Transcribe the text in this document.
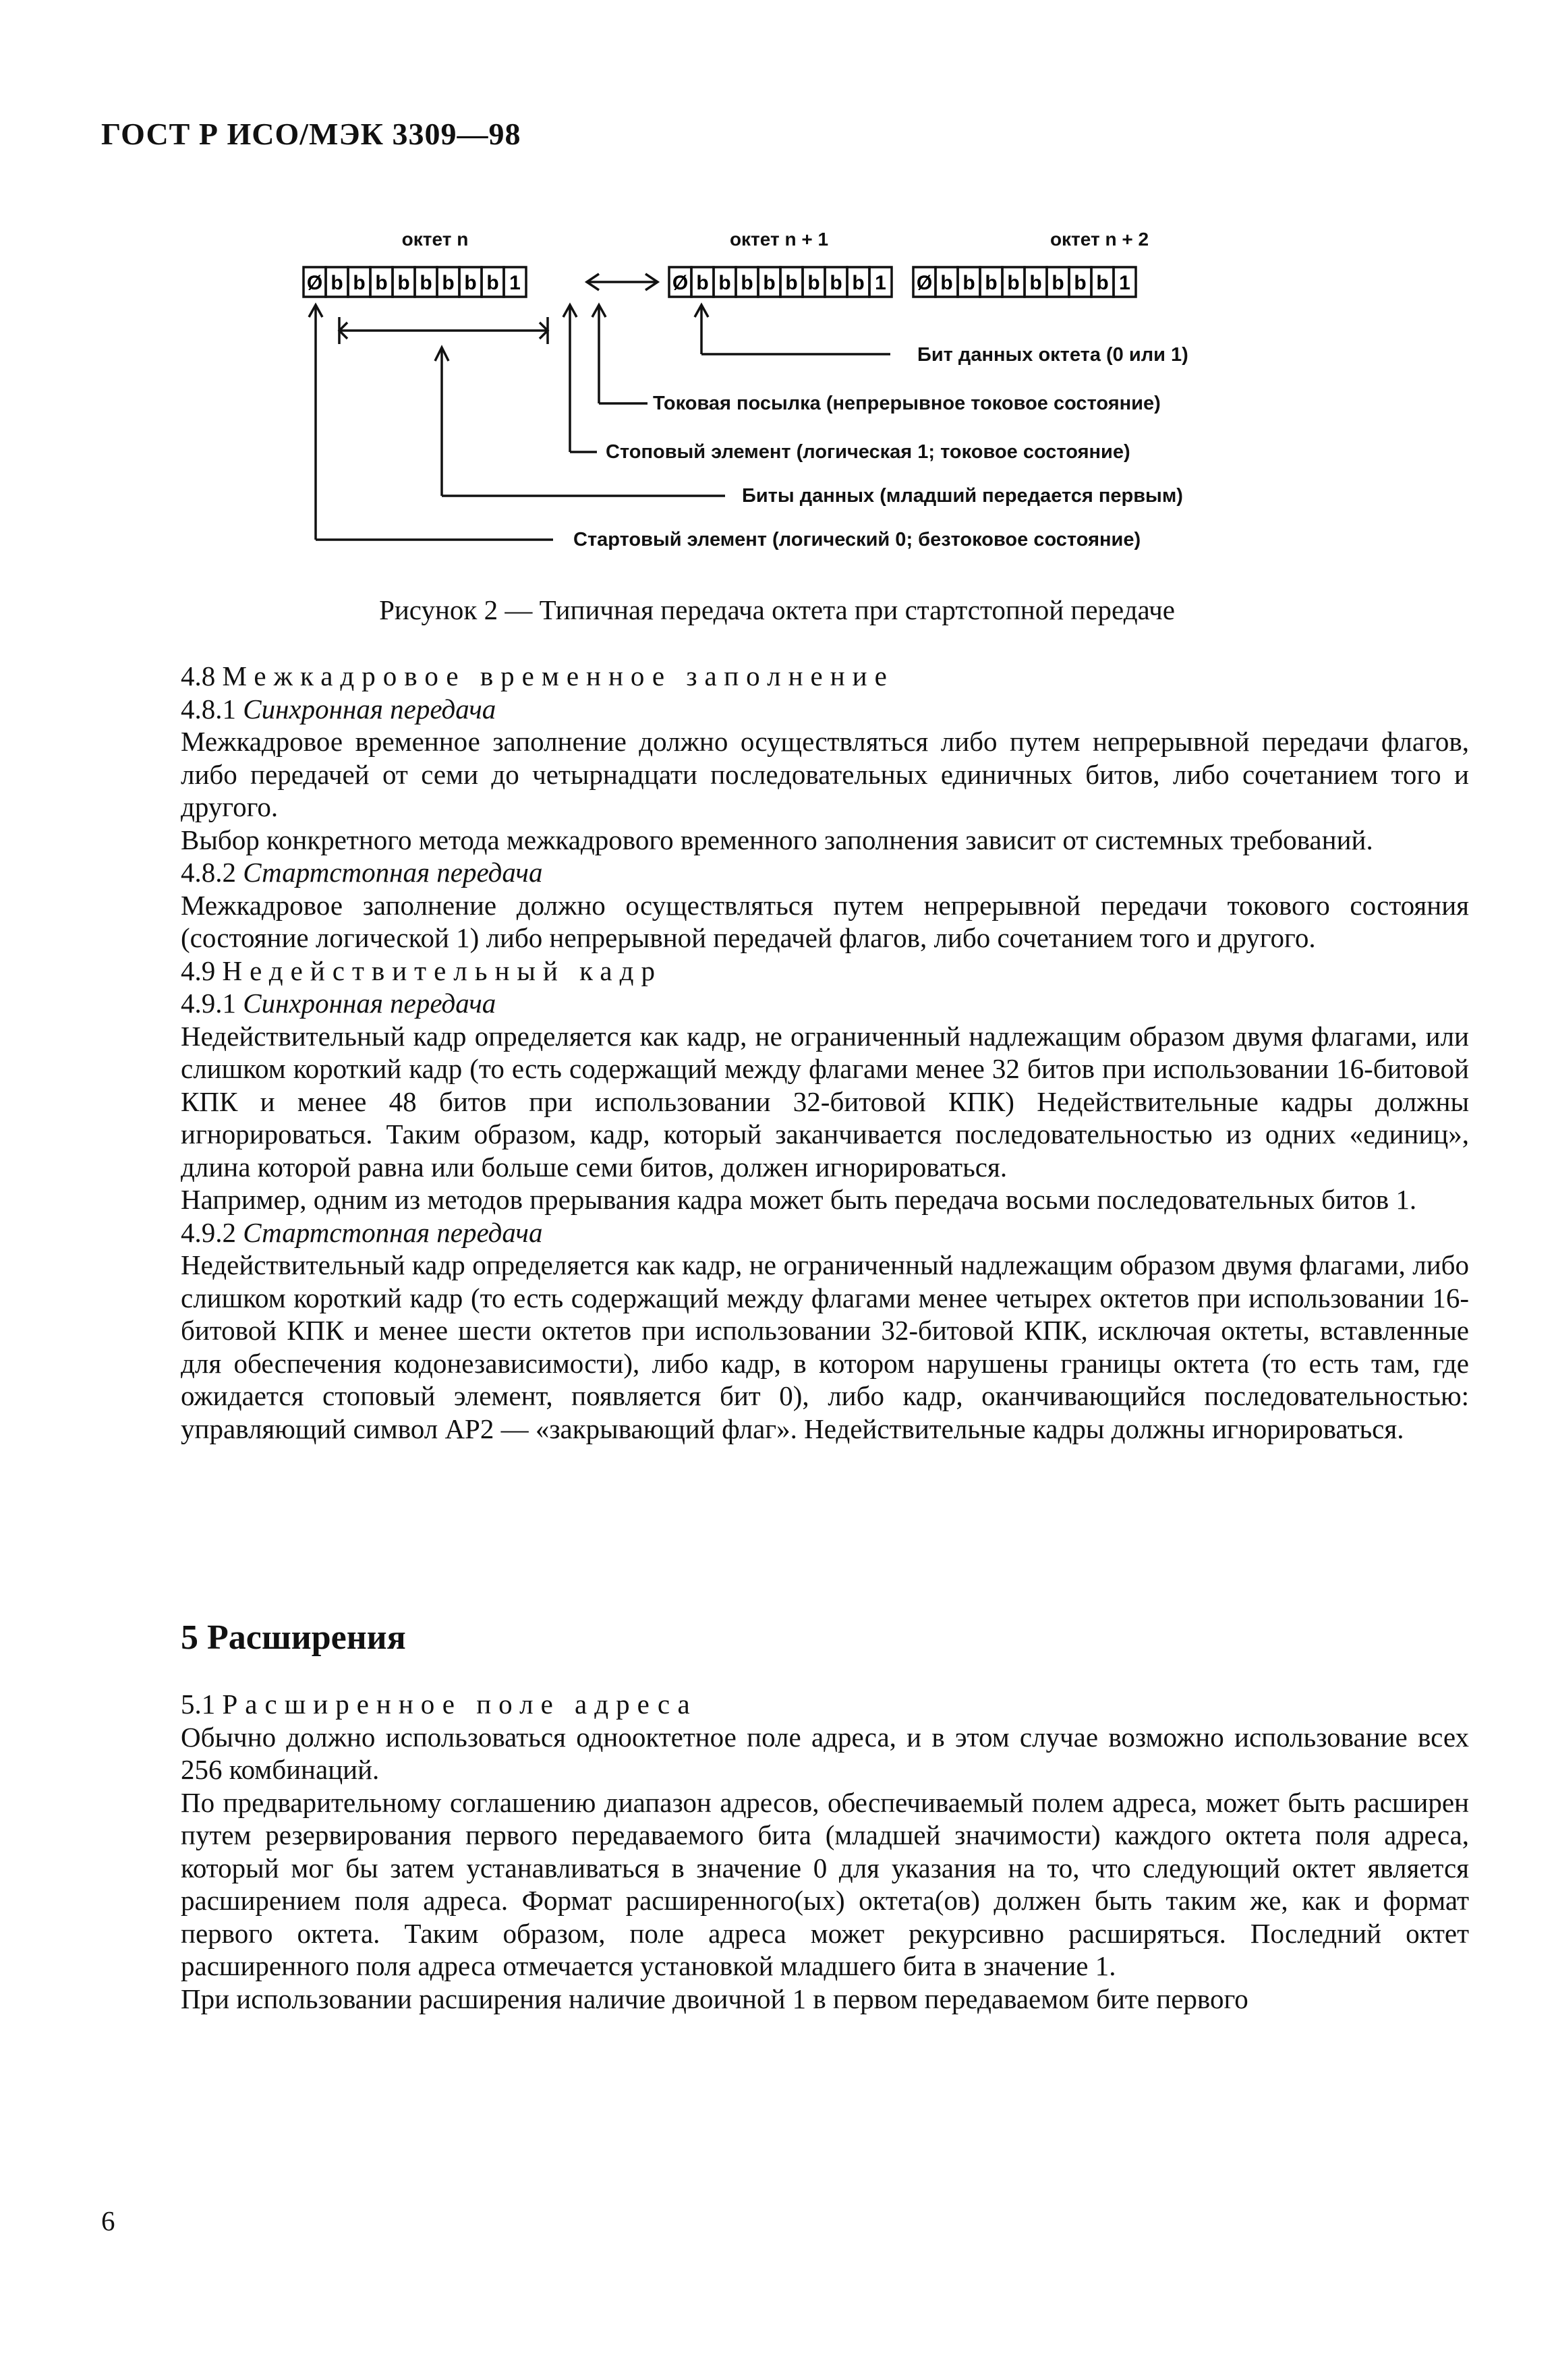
ГОСТ Р ИСО/МЭК 3309—98
октет n	октет n + 1	октет n + 2
Ø b b b b b b b b 1	Ø b b b b b b b b 1 Ø b b b b b b b b 1
Бит данных октета (0 или 1)
Токовая посылка (непрерывное токовое состояние)
Стоповый элемент (логическая 1; токовое состояние)
Биты данных (младший передается первым)
Стартовый элемент (логический 0; безтоковое состояние)
Рисунок 2 — Типичная передача октета при стартстопной передаче

4.8 Межкадровое временное заполнение

4.8.1 Синхронная передача

Межкадровое временное заполнение должно осуществляться либо путем непрерывной передачи флагов, либо передачей от семи до четырнадцати последовательных единичных битов, либо сочетанием того и другого.

Выбор конкретного метода межкадрового временного заполнения зависит от системных требований.

4.8.2 Стартстопная передача

Межкадровое заполнение должно осуществляться путем непрерывной передачи токового состояния (состояние логической 1) либо непрерывной передачей флагов, либо сочетанием того и другого.

4.9 Недействительный кадр

4.9.1 Синхронная передача

Недействительный кадр определяется как кадр, не ограниченный надлежащим образом двумя флагами, или слишком короткий кадр (то есть содержащий между флагами менее 32 битов при использовании 16-битовой КПК и менее 48 битов при использовании 32-битовой КПК) Недействительные кадры должны игнорироваться. Таким образом, кадр, который заканчивается последовательностью из одних «единиц», длина которой равна или больше семи битов, должен игнорироваться.

Например, одним из методов прерывания кадра может быть передача восьми последовательных битов 1.

4.9.2 Стартстопная передача

Недействительный кадр определяется как кадр, не ограниченный надлежащим образом двумя флагами, либо слишком короткий кадр (то есть содержащий между флагами менее четырех октетов при использовании 16-битовой КПК и менее шести октетов при использовании 32-битовой КПК, исключая октеты, вставленные для обеспечения кодонезависимости), либо кадр, в котором нарушены границы октета (то есть там, где ожидается стоповый элемент, появляется бит 0), либо кадр, оканчивающийся последовательностью: управляющий символ АР2 — «закрывающий флаг». Недействительные кадры должны игнорироваться.

5 Расширения

5.1 Расширенное поле адреса

Обычно должно использоваться однооктетное поле адреса, и в этом случае возможно использование всех 256 комбинаций.

По предварительному соглашению диапазон адресов, обеспечиваемый полем адреса, может быть расширен путем резервирования первого передаваемого бита (младшей значимости) каждого октета поля адреса, который мог бы затем устанавливаться в значение 0 для указания на то, что следующий октет является расширением поля адреса. Формат расширенного(ых) октета(ов) должен быть таким же, как и формат первого октета. Таким образом, поле адреса может рекурсивно расширяться. Последний октет расширенного поля адреса отмечается установкой младшего бита в значение 1.

При использовании расширения наличие двоичной 1 в первом передаваемом бите первого

6
